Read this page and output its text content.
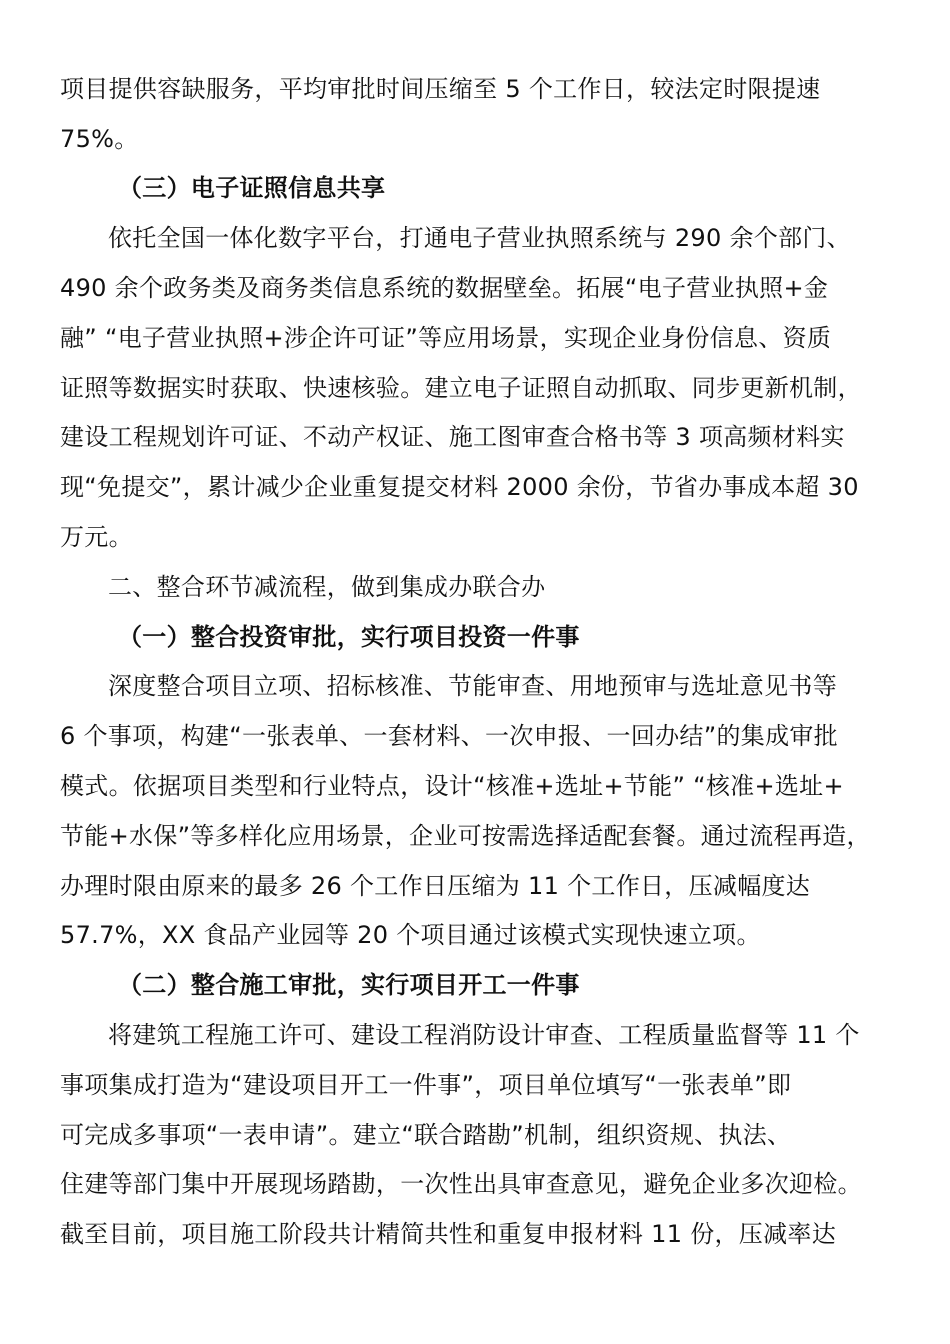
项目提供容缺服务，平均审批时间压缩至 5 个工作日，较法定时限提速
75%。
（三）电子证照信息共享
依托全国一体化数字平台，打通电子营业执照系统与 290 余个部门、
490 余个政务类及商务类信息系统的数据壁垒。拓展“电子营业执照+金
融” “电子营业执照+涉企许可证”等应用场景，实现企业身份信息、资质
证照等数据实时获取、快速核验。建立电子证照自动抓取、同步更新机制，
建设工程规划许可证、不动产权证、施工图审查合格书等 3 项高频材料实
现“免提交”，累计减少企业重复提交材料 2000 余份，节省办事成本超 30
万元。
二、整合环节减流程，做到集成办联合办
（一）整合投资审批，实行项目投资一件事
深度整合项目立项、招标核准、节能审查、用地预审与选址意见书等
6 个事项，构建“一张表单、一套材料、一次申报、一回办结”的集成审批
模式。依据项目类型和行业特点，设计“核准+选址+节能” “核准+选址+
节能+水保”等多样化应用场景，企业可按需选择适配套餐。通过流程再造，
办理时限由原来的最多 26 个工作日压缩为 11 个工作日，压减幅度达
57.7%，XX 食品产业园等 20 个项目通过该模式实现快速立项。
（二）整合施工审批，实行项目开工一件事
将建筑工程施工许可、建设工程消防设计审查、工程质量监督等 11 个
事项集成打造为“建设项目开工一件事”，项目单位填写“一张表单”即
可完成多事项“一表申请”。建立“联合踏勘”机制，组织资规、执法、
住建等部门集中开展现场踏勘，一次性出具审查意见，避免企业多次迎检。
截至目前，项目施工阶段共计精简共性和重复申报材料 11 份，压减率达
